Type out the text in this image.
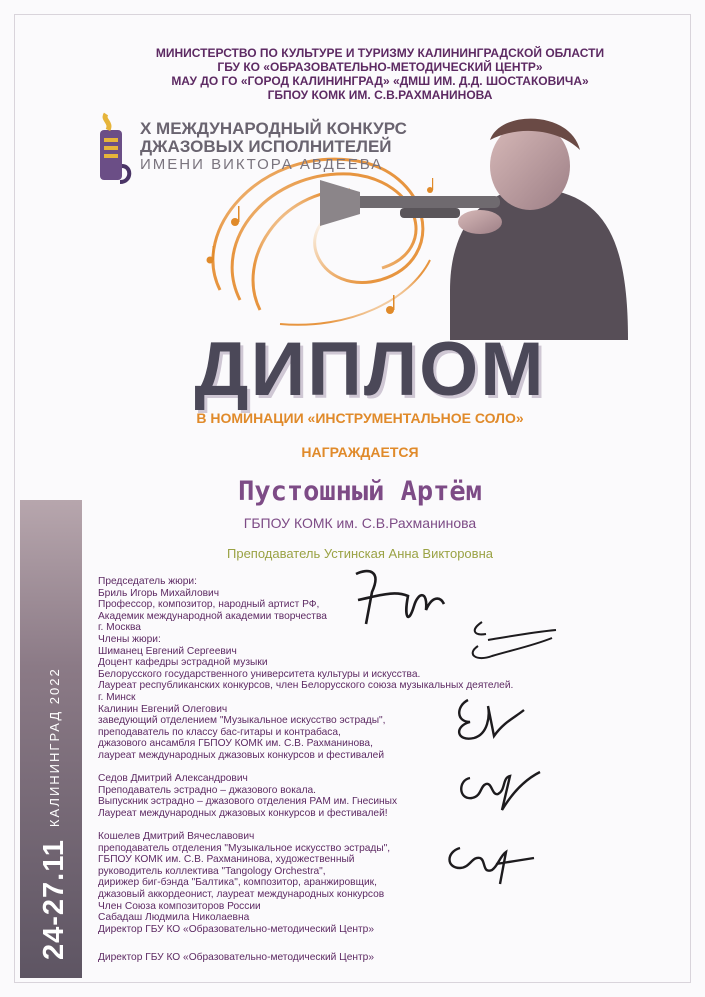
24-27.11
КАЛИНИНГРАД 2022
МИНИСТЕРСТВО ПО КУЛЬТУРЕ И ТУРИЗМУ КАЛИНИНГРАДСКОЙ ОБЛАСТИ
ГБУ КО «ОБРАЗОВАТЕЛЬНО-МЕТОДИЧЕСКИЙ ЦЕНТР»
МАУ ДО ГО «ГОРОД КАЛИНИНГРАД» «ДМШ ИМ. Д.Д. ШОСТАКОВИЧА»
ГБПОУ КОМК ИМ. С.В.РАХМАНИНОВА
X МЕЖДУНАРОДНЫЙ КОНКУРС
ДЖАЗОВЫХ ИСПОЛНИТЕЛЕЙ
ИМЕНИ ВИКТОРА АВДЕЕВА
ДИПЛОМ
В НОМИНАЦИИ «ИНСТРУМЕНТАЛЬНОЕ СОЛО»
НАГРАЖДАЕТСЯ
Пустошный Артём
ГБПОУ КОМК им. С.В.Рахманинова
Преподаватель Устинская Анна Викторовна
Председатель жюри:
Бриль Игорь Михайлович
Профессор, композитор, народный артист РФ,
Академик международной академии творчества
г. Москва
Члены жюри:
Шиманец Евгений Сергеевич
Доцент кафедры эстрадной музыки
Белорусского государственного университета культуры и искусства.
Лауреат республиканских конкурсов, член Белорусского союза музыкальных деятелей.
г. Минск
Калинин Евгений Олегович
заведующий отделением "Музыкальное искусство эстрады",
преподаватель по классу бас-гитары и контрабаса,
джазового ансамбля ГБПОУ КОМК им. С.В. Рахманинова,
лауреат международных джазовых конкурсов и фестивалей
Седов Дмитрий Александрович
Преподаватель эстрадно – джазового вокала.
Выпускник эстрадно – джазового отделения РАМ им. Гнесиных
Лауреат международных джазовых конкурсов и фестивалей!
Кошелев Дмитрий Вячеславович
преподаватель отделения "Музыкальное искусство эстрады",
ГБПОУ КОМК им. С.В. Рахманинова, художественный
руководитель коллектива "Tangology Orchestra",
дирижер биг-бэнда "Балтика", композитор, аранжировщик,
джазовый аккордеонист, лауреат международных конкурсов
Член Союза композиторов России
Сабадаш Людмила Николаевна
Директор ГБУ КО «Образовательно-методический Центр»
Директор ГБУ КО «Образовательно-методический Центр»
